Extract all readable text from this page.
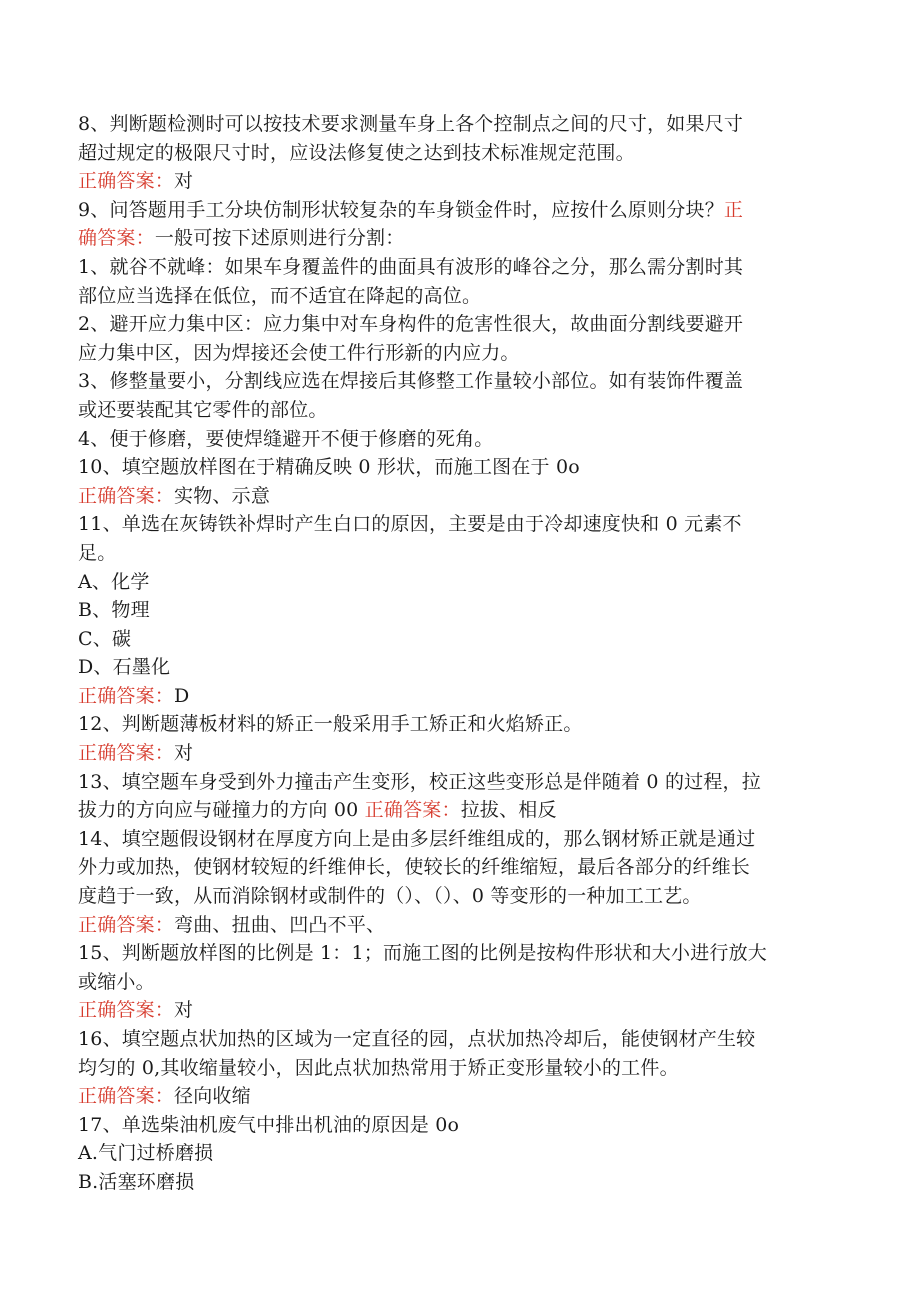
8、判断题检测时可以按技术要求测量车身上各个控制点之间的尺寸，如果尺寸
超过规定的极限尺寸时，应设法修复使之达到技术标准规定范围。
正确答案：对
9、问答题用手工分块仿制形状较复杂的车身锁金件时，应按什么原则分块？正
确答案：一般可按下述原则进行分割：
1、就谷不就峰：如果车身覆盖件的曲面具有波形的峰谷之分，那么需分割时其
部位应当选择在低位，而不适宜在降起的高位。
2、避开应力集中区：应力集中对车身构件的危害性很大，故曲面分割线要避开
应力集中区，因为焊接还会使工件行形新的内应力。
3、修整量要小，分割线应选在焊接后其修整工作量较小部位。如有装饰件覆盖
或还要装配其它零件的部位。
4、便于修磨，要使焊缝避开不便于修磨的死角。
10、填空题放样图在于精确反映 0 形状，而施工图在于 0o
正确答案：实物、示意
11、单选在灰铸铁补焊时产生白口的原因，主要是由于冷却速度快和 0 元素不
足。
A、化学
B、物理
C、碳
D、石墨化
正确答案：D
12、判断题薄板材料的矫正一般采用手工矫正和火焰矫正。
正确答案：对
13、填空题车身受到外力撞击产生变形，校正这些变形总是伴随着 0 的过程，拉
拔力的方向应与碰撞力的方向 00 正确答案：拉拔、相反
14、填空题假设钢材在厚度方向上是由多层纤维组成的，那么钢材矫正就是通过
外力或加热，使钢材较短的纤维伸长，使较长的纤维缩短，最后各部分的纤维长
度趋于一致，从而消除钢材或制件的（）、（）、0 等变形的一种加工工艺。
正确答案：弯曲、扭曲、凹凸不平、
15、判断题放样图的比例是 1：1；而施工图的比例是按构件形状和大小进行放大
或缩小。
正确答案：对
16、填空题点状加热的区域为一定直径的园，点状加热冷却后，能使钢材产生较
均匀的 0,其收缩量较小，因此点状加热常用于矫正变形量较小的工件。
正确答案：径向收缩
17、单选柴油机废气中排出机油的原因是 0o
A.气门过桥磨损
B.活塞环磨损
